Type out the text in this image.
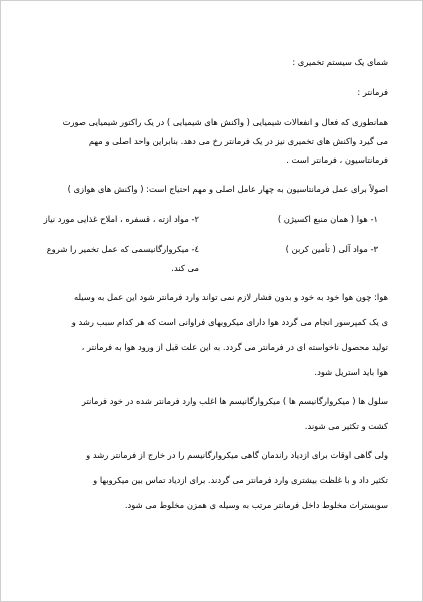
شمای یک سیستم تخمیری :

فرمانتر :

همانطوری که فعال و انفعالات شیمیایی ( واکنش های شیمیایی ) در یک راکتور شیمیایی صورت

می گیرد واکنش های تخمیری نیز در یک فرمانتر رخ می دهد. بنابراین واحد اصلی و مهم

فرمانتاسیون ، فرمانتر است .

اصولاً برای عمل فرمانتاسیون به چهار عامل اصلی و مهم احتیاج است: ( واکنش های هوازی )

۱- هوا ( همان منبع اکسیژن )
۲- مواد ازته ، قسفره ، املاح غذایی مورد نیاز
۳- مواد آلی ( تأمین کربن )
٤- میکروارگانیسمی که عمل تخمیر را شروع می کند.

هوا: چون هوا خود به خود و بدون فشار لازم نمی تواند وارد فرمانتر شود این عمل به وسیله

ی یک کمپرسور انجام می گردد هوا دارای میکروبهای فراوانی است که هر کدام سبب رشد و

تولید محصول ناخواسته ای در فرمانتر می گردد. به این علت قبل از ورود هوا به فرمانتر ،

هوا باید استریل شود.

سلول ها ( میکروارگانیسم ها ) میکروارگانیسم ها اغلب وارد فرمانتر شده در خود فرمانتر

کشت و تکثیر می شوند.

ولی گاهی اوقات برای ازدیاد راندمان گاهی میکروارگانیسم را در خارج از فرمانتر رشد و

تکثیر داد و با غلظت بیشتری وارد فرمانتر می گردند. برای ازدیاد تماس بین میکروبها و

سوبسترات مخلوط داخل فرمانتر مرتب به وسیله ی همزن مخلوط می شود.
